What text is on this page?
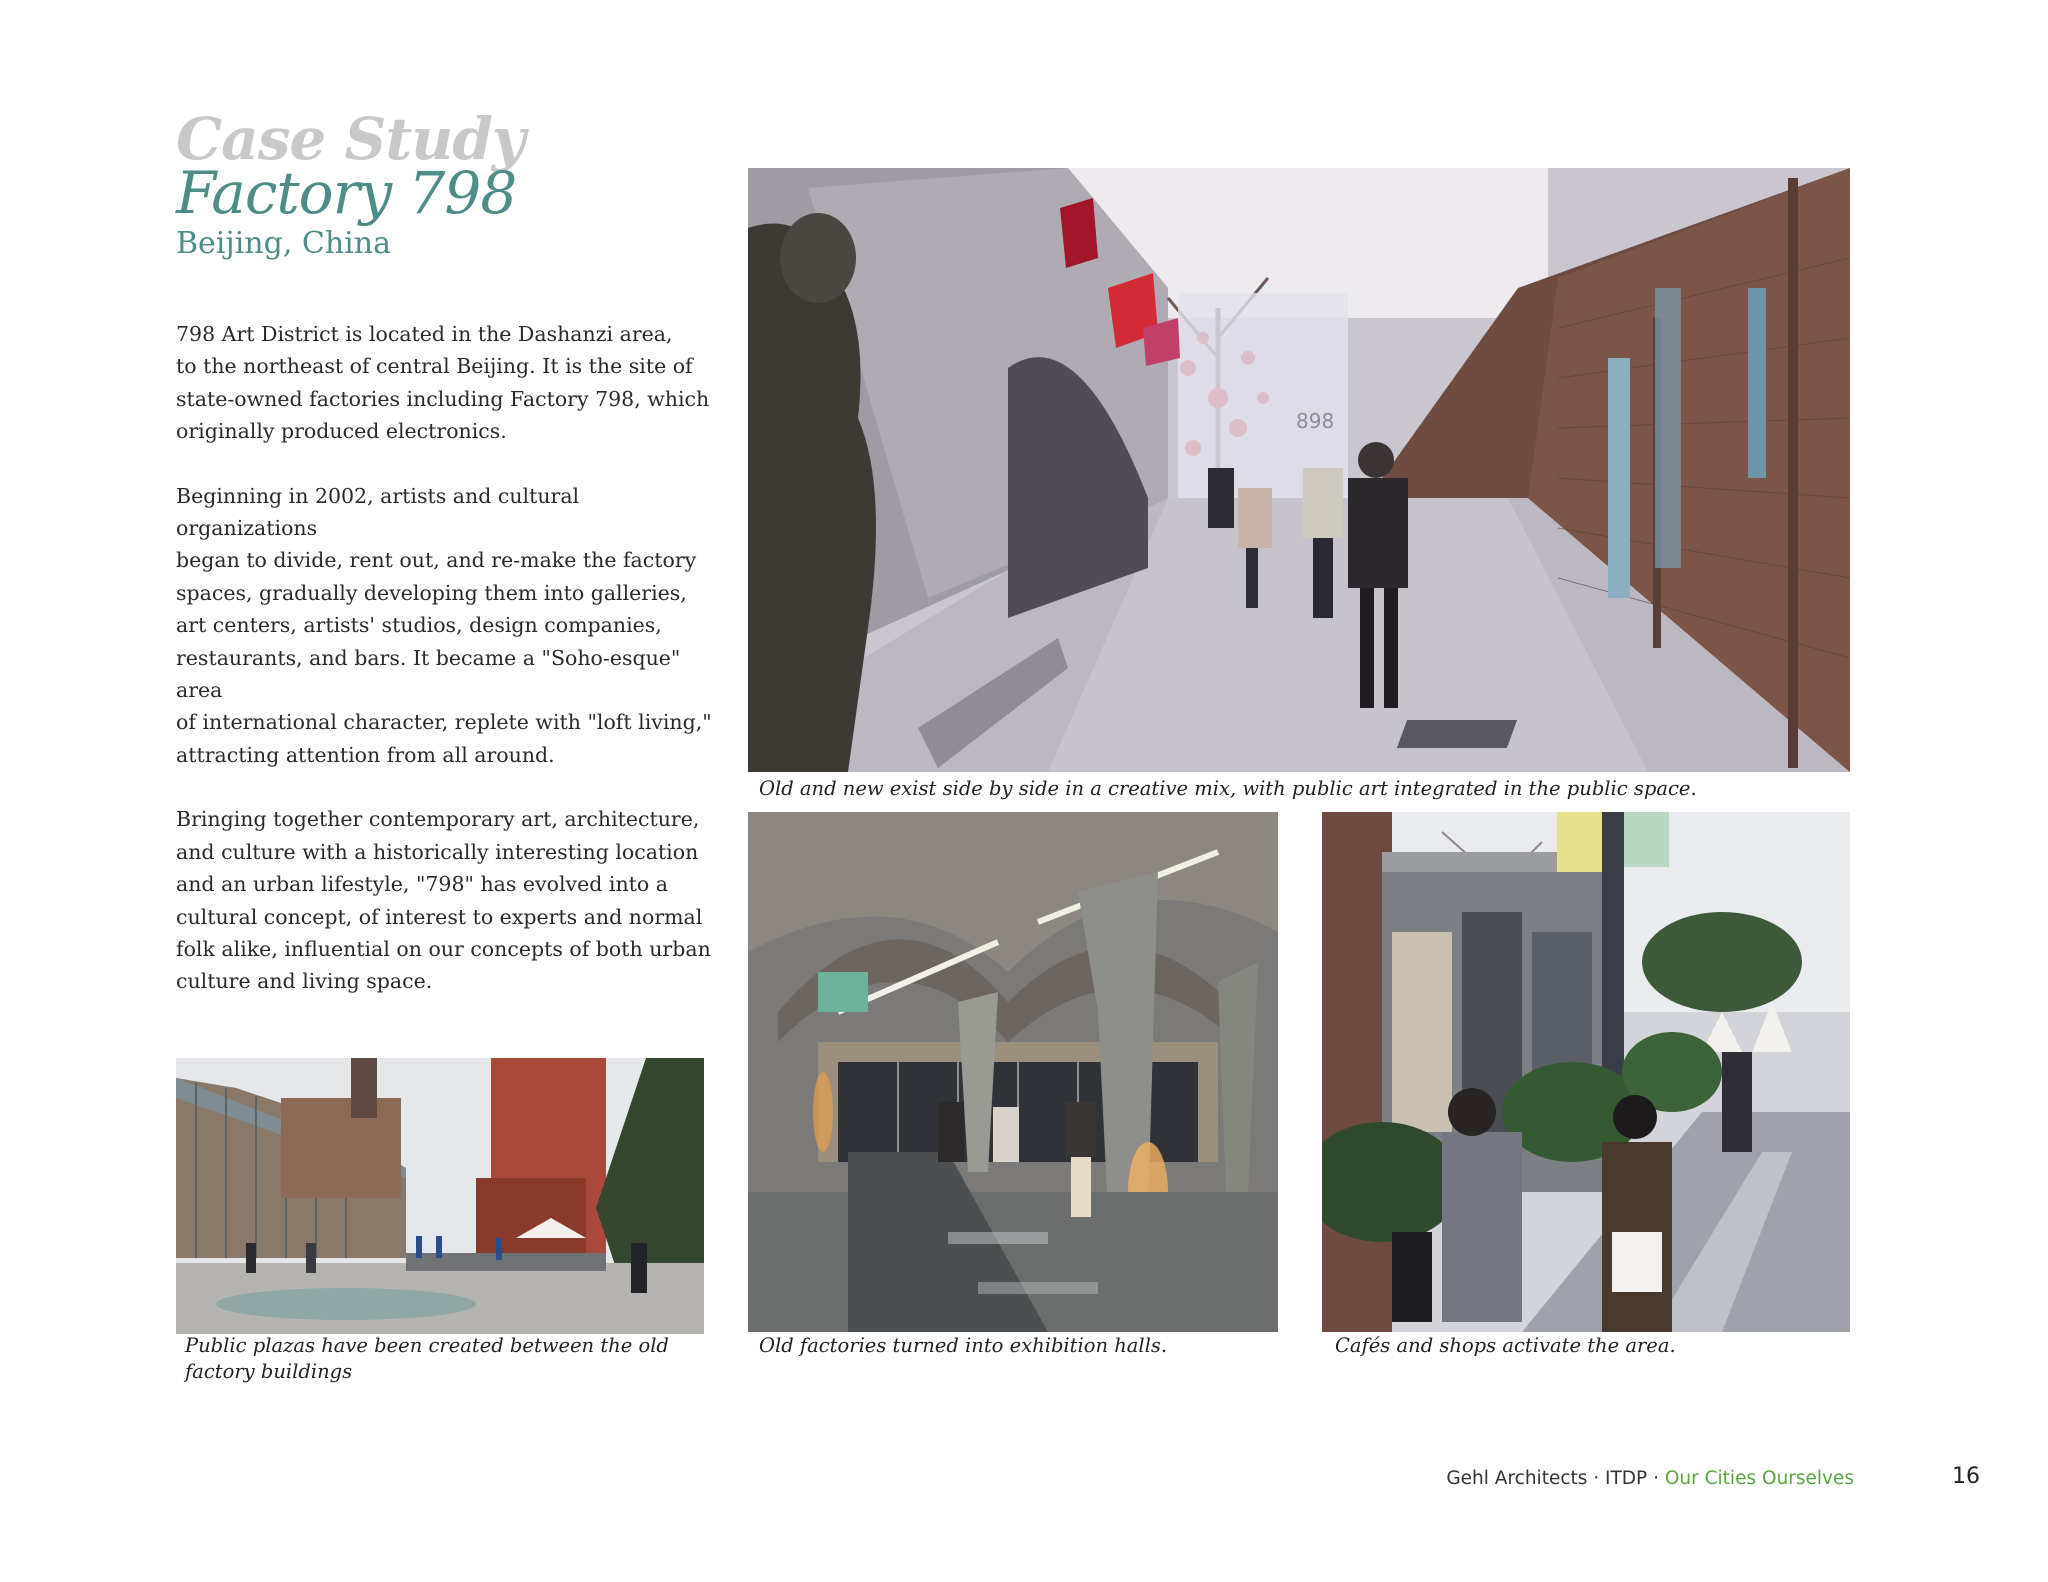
Case Study
Factory 798
Beijing, China

798 Art District is located in the Dashanzi area,
to the northeast of central Beijing. It is the site of
state-owned factories including Factory 798, which
originally produced electronics.

Beginning in 2002, artists and cultural organizations
began to divide, rent out, and re-make the factory
spaces, gradually developing them into galleries,
art centers, artists' studios, design companies,
restaurants, and bars. It became a "Soho-esque" area
of international character, replete with "loft living,"
attracting attention from all around.

Bringing together contemporary art, architecture,
and culture with a historically interesting location
and an urban lifestyle, "798" has evolved into a
cultural concept, of interest to experts and normal
folk alike, influential on our concepts of both urban
culture and living space.

898
Old and new exist side by side in a creative mix, with public art integrated in the public space.
Old factories turned into exhibition halls.	Cafés and shops activate the area.
Public plazas have been created between the old
factory buildings
Gehl Architects · ITDP · Our Cities Ourselves	16
